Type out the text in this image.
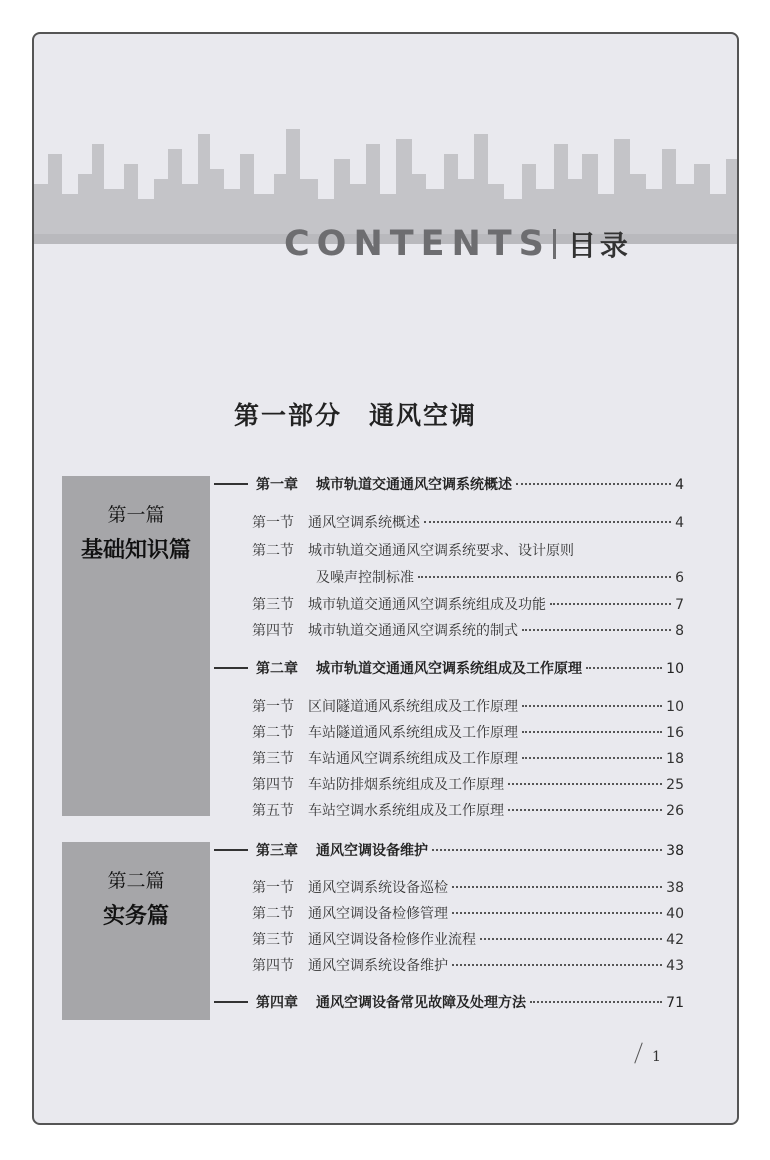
CONTENTS 目录
第一部分　通风空调
第一篇
基础知识篇
第二篇
实务篇
第一章 城市轨道交通通风空调系统概述	4
第一节 通风空调系统概述	4
第二节 城市轨道交通通风空调系统要求、设计原则
及噪声控制标准	6
第三节 城市轨道交通通风空调系统组成及功能	7
第四节 城市轨道交通通风空调系统的制式	8
第二章 城市轨道交通通风空调系统组成及工作原理	10
第一节 区间隧道通风系统组成及工作原理	10
第二节 车站隧道通风系统组成及工作原理	16
第三节 车站通风空调系统组成及工作原理	18
第四节 车站防排烟系统组成及工作原理	25
第五节 车站空调水系统组成及工作原理	26
第三章 通风空调设备维护	38
第一节 通风空调系统设备巡检	38
第二节 通风空调设备检修管理	40
第三节 通风空调设备检修作业流程	42
第四节 通风空调系统设备维护	43
第四章 通风空调设备常见故障及处理方法	71
1
